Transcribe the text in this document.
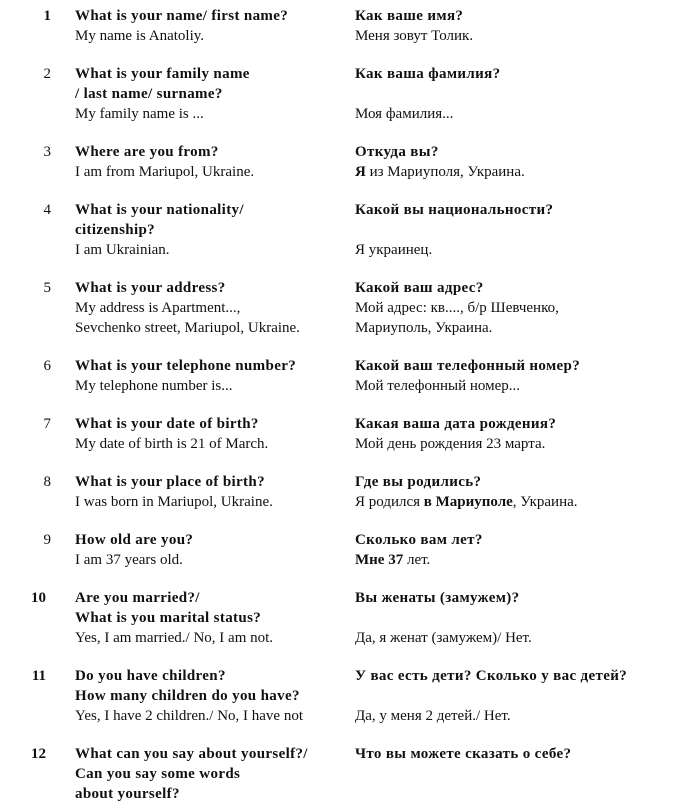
1 What is your name/ first name?
My name is Anatoliy.
Как ваше имя?
Меня зовут Толик.
2 What is your family name
/ last name/ surname?
My family name is ...
Как ваша фамилия?
Моя фамилия...
3 Where are you from?
I am from Mariupol, Ukraine.
Откуда вы?
Я из Мариуполя, Украина.
4 What is your nationality/
citizenship?
I am Ukrainian.
Какой вы национальности?
Я украинец.
5 What is your address?
My address is Apartment...,
Sevchenko street, Mariupol, Ukraine.
Какой ваш адрес?
Мой адрес: кв...., б/р Шевченко,
Мариуполь, Украина.
6 What is your telephone number?
My telephone number is...
Какой ваш телефонный номер?
Мой телефонный номер...
7 What is your date of birth?
My date of birth is 21 of March.
Какая ваша дата рождения?
Мой день рождения 23 марта.
8 What is your place of birth?
I was born in Mariupol, Ukraine.
Где вы родились?
Я родился в Мариуполе, Украина.
9 How old are you?
I am 37 years old.
Сколько вам лет?
Мне 37 лет.
10 Are you married?/
What is you marital status?
Yes, I am married./ No, I am not.
Вы женаты (замужем)?
Да, я женат (замужем)/ Нет.
11 Do you have children?
How many children do you have?
Yes, I have 2 children./ No, I have not
У вас есть дети? Сколько у вас детей?
Да, у меня 2 детей./ Нет.
12 What can you say about yourself?/
Can you say some words
about yourself?
Что вы можете сказать о себе?
